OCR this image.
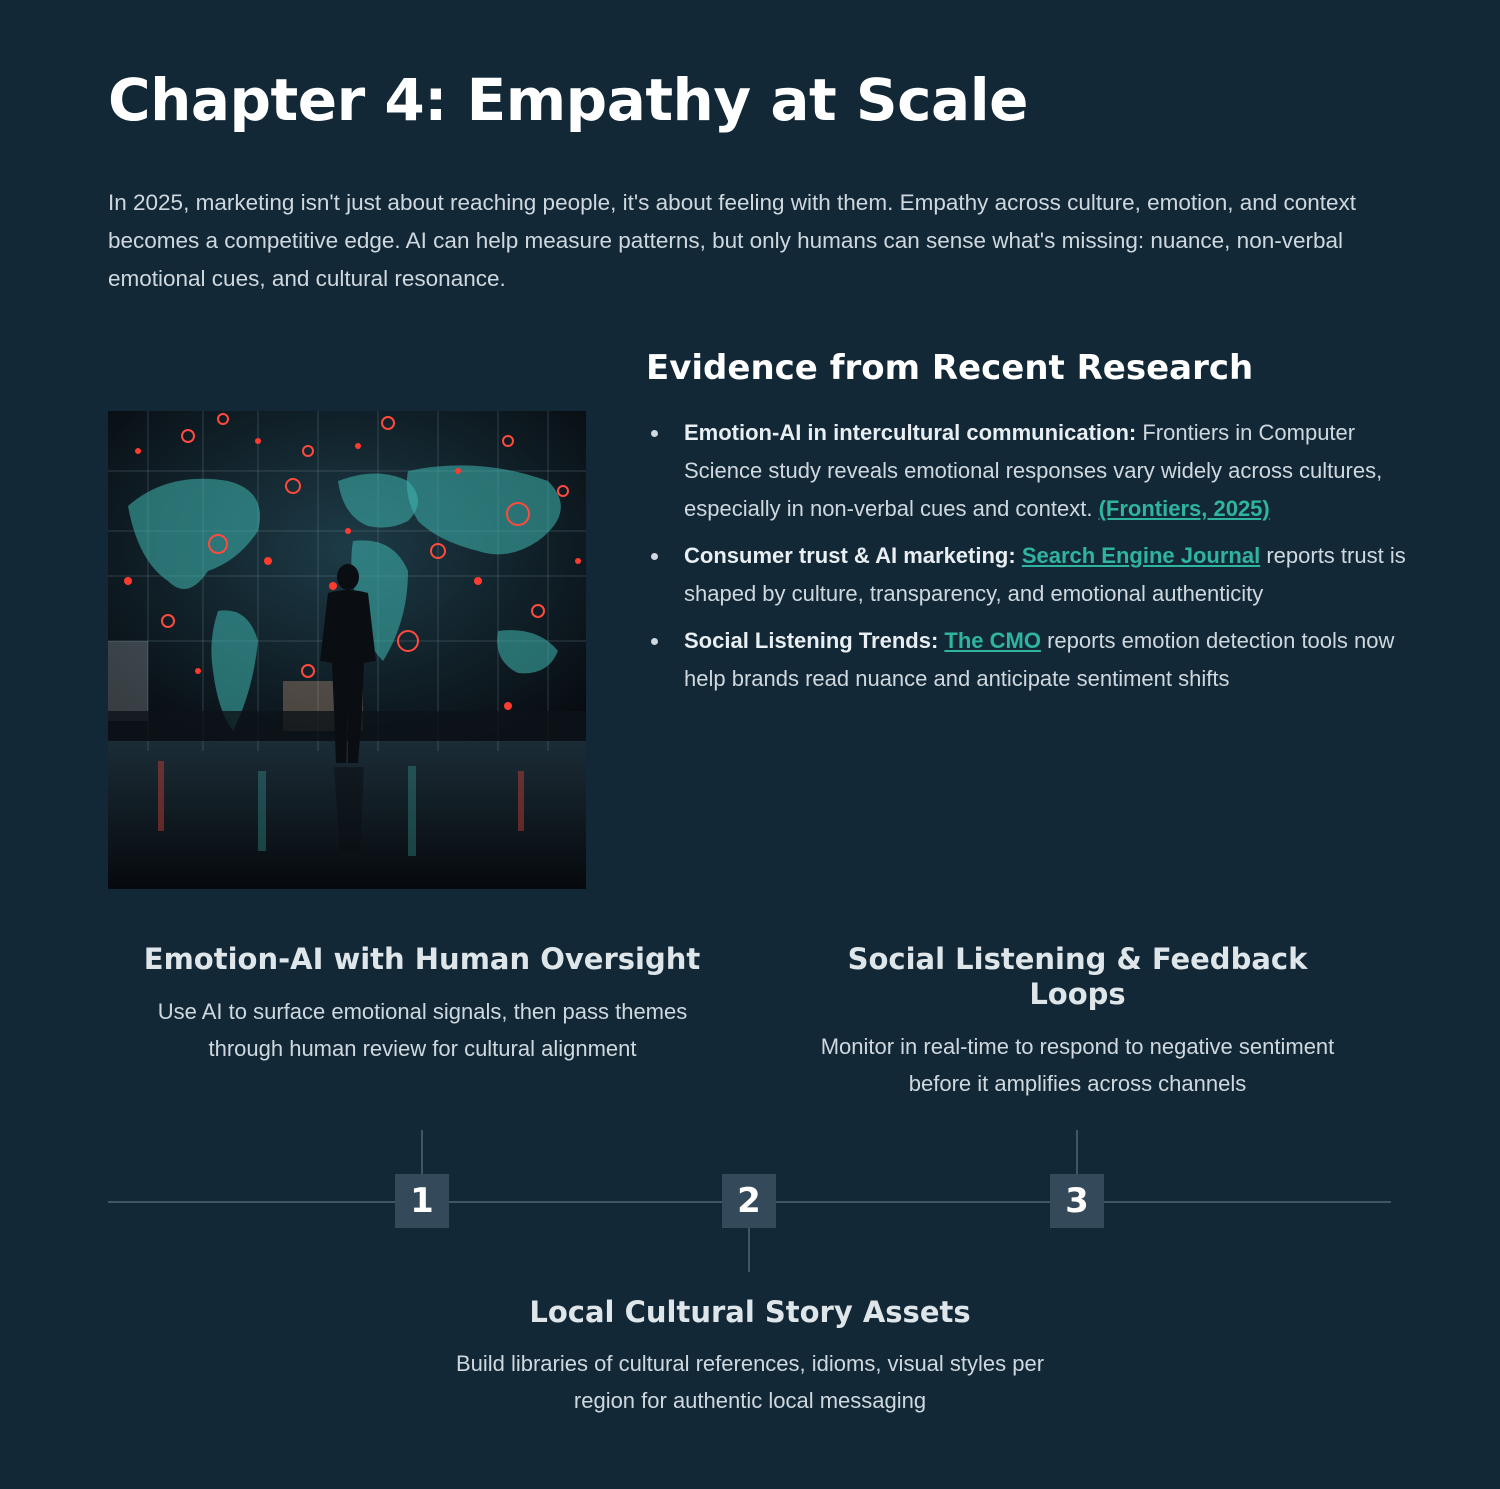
Chapter 4: Empathy at Scale

In 2025, marketing isn't just about reaching people, it's about feeling with them. Empathy across culture, emotion, and context becomes a competitive edge. AI can help measure patterns, but only humans can sense what's missing: nuance, non-verbal emotional cues, and cultural resonance.

Evidence from Recent Research
Emotion-AI in intercultural communication: Frontiers in Computer Science study reveals emotional responses vary widely across cultures, especially in non-verbal cues and context. (Frontiers, 2025)
Consumer trust & AI marketing: Search Engine Journal reports trust is shaped by culture, transparency, and emotional authenticity
Social Listening Trends: The CMO reports emotion detection tools now help brands read nuance and anticipate sentiment shifts
Emotion-AI with Human Oversight

Use AI to surface emotional signals, then pass themes through human review for cultural alignment

Social Listening & Feedback Loops

Monitor in real-time to respond to negative sentiment before it amplifies across channels

Local Cultural Story Assets

Build libraries of cultural references, idioms, visual styles per region for authentic local messaging

1	2	3
